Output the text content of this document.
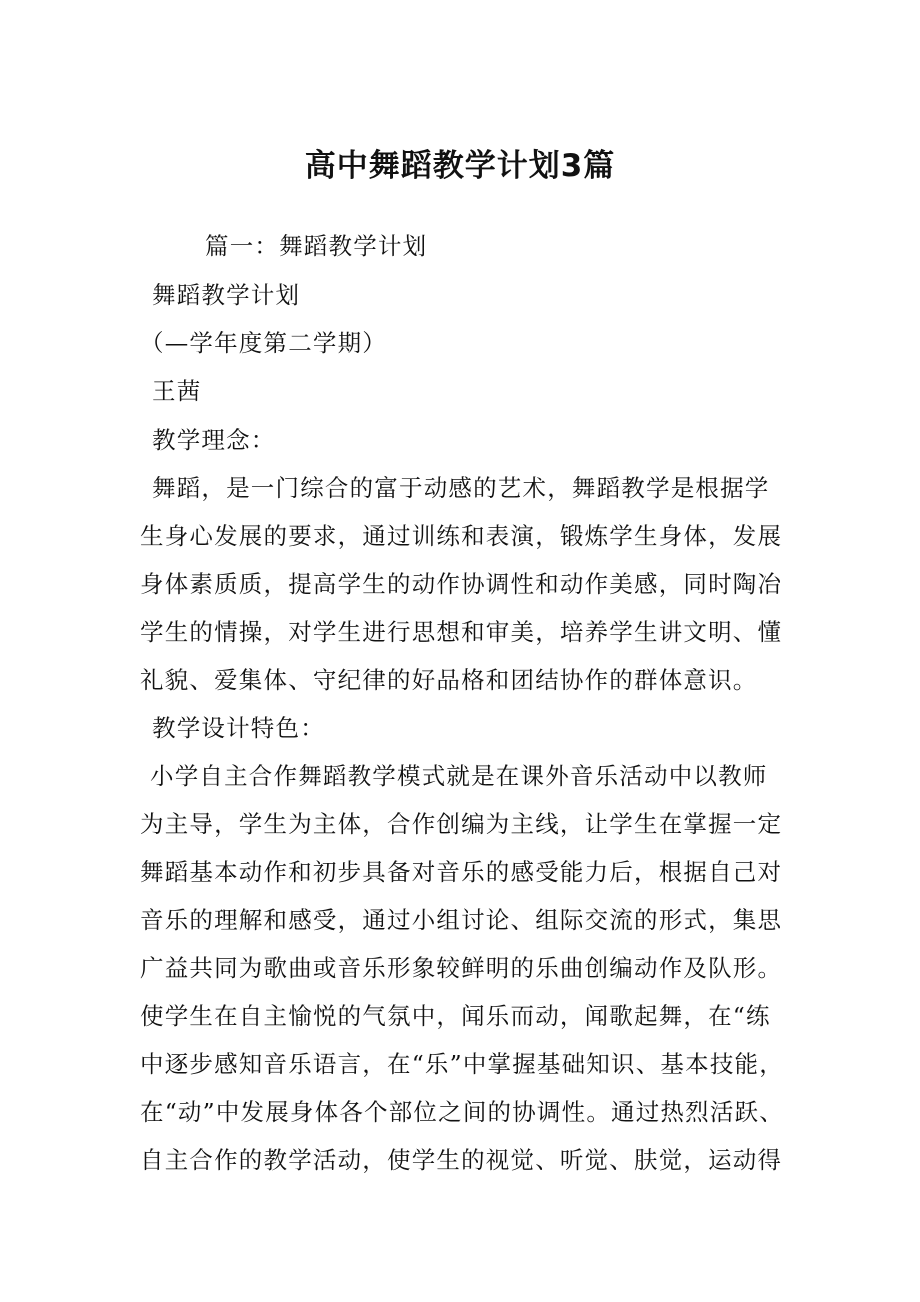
高中舞蹈教学计划3篇

篇一：舞蹈教学计划

舞蹈教学计划

（—学年度第二学期）

王茜

教学理念：

舞蹈，是一门综合的富于动感的艺术，舞蹈教学是根据学

生身心发展的要求，通过训练和表演，锻炼学生身体，发展

身体素质质，提高学生的动作协调性和动作美感，同时陶冶

学生的情操，对学生进行思想和审美，培养学生讲文明、懂

礼貌、爱集体、守纪律的好品格和团结协作的群体意识。

教学设计特色：

小学自主合作舞蹈教学模式就是在课外音乐活动中以教师

为主导，学生为主体，合作创编为主线，让学生在掌握一定

舞蹈基本动作和初步具备对音乐的感受能力后，根据自己对

音乐的理解和感受，通过小组讨论、组际交流的形式，集思

广益共同为歌曲或音乐形象较鲜明的乐曲创编动作及队形。

使学生在自主愉悦的气氛中，闻乐而动，闻歌起舞，在“练

中逐步感知音乐语言，在“乐”中掌握基础知识、基本技能，

在“动”中发展身体各个部位之间的协调性。通过热烈活跃、

自主合作的教学活动，使学生的视觉、听觉、肤觉，运动得
